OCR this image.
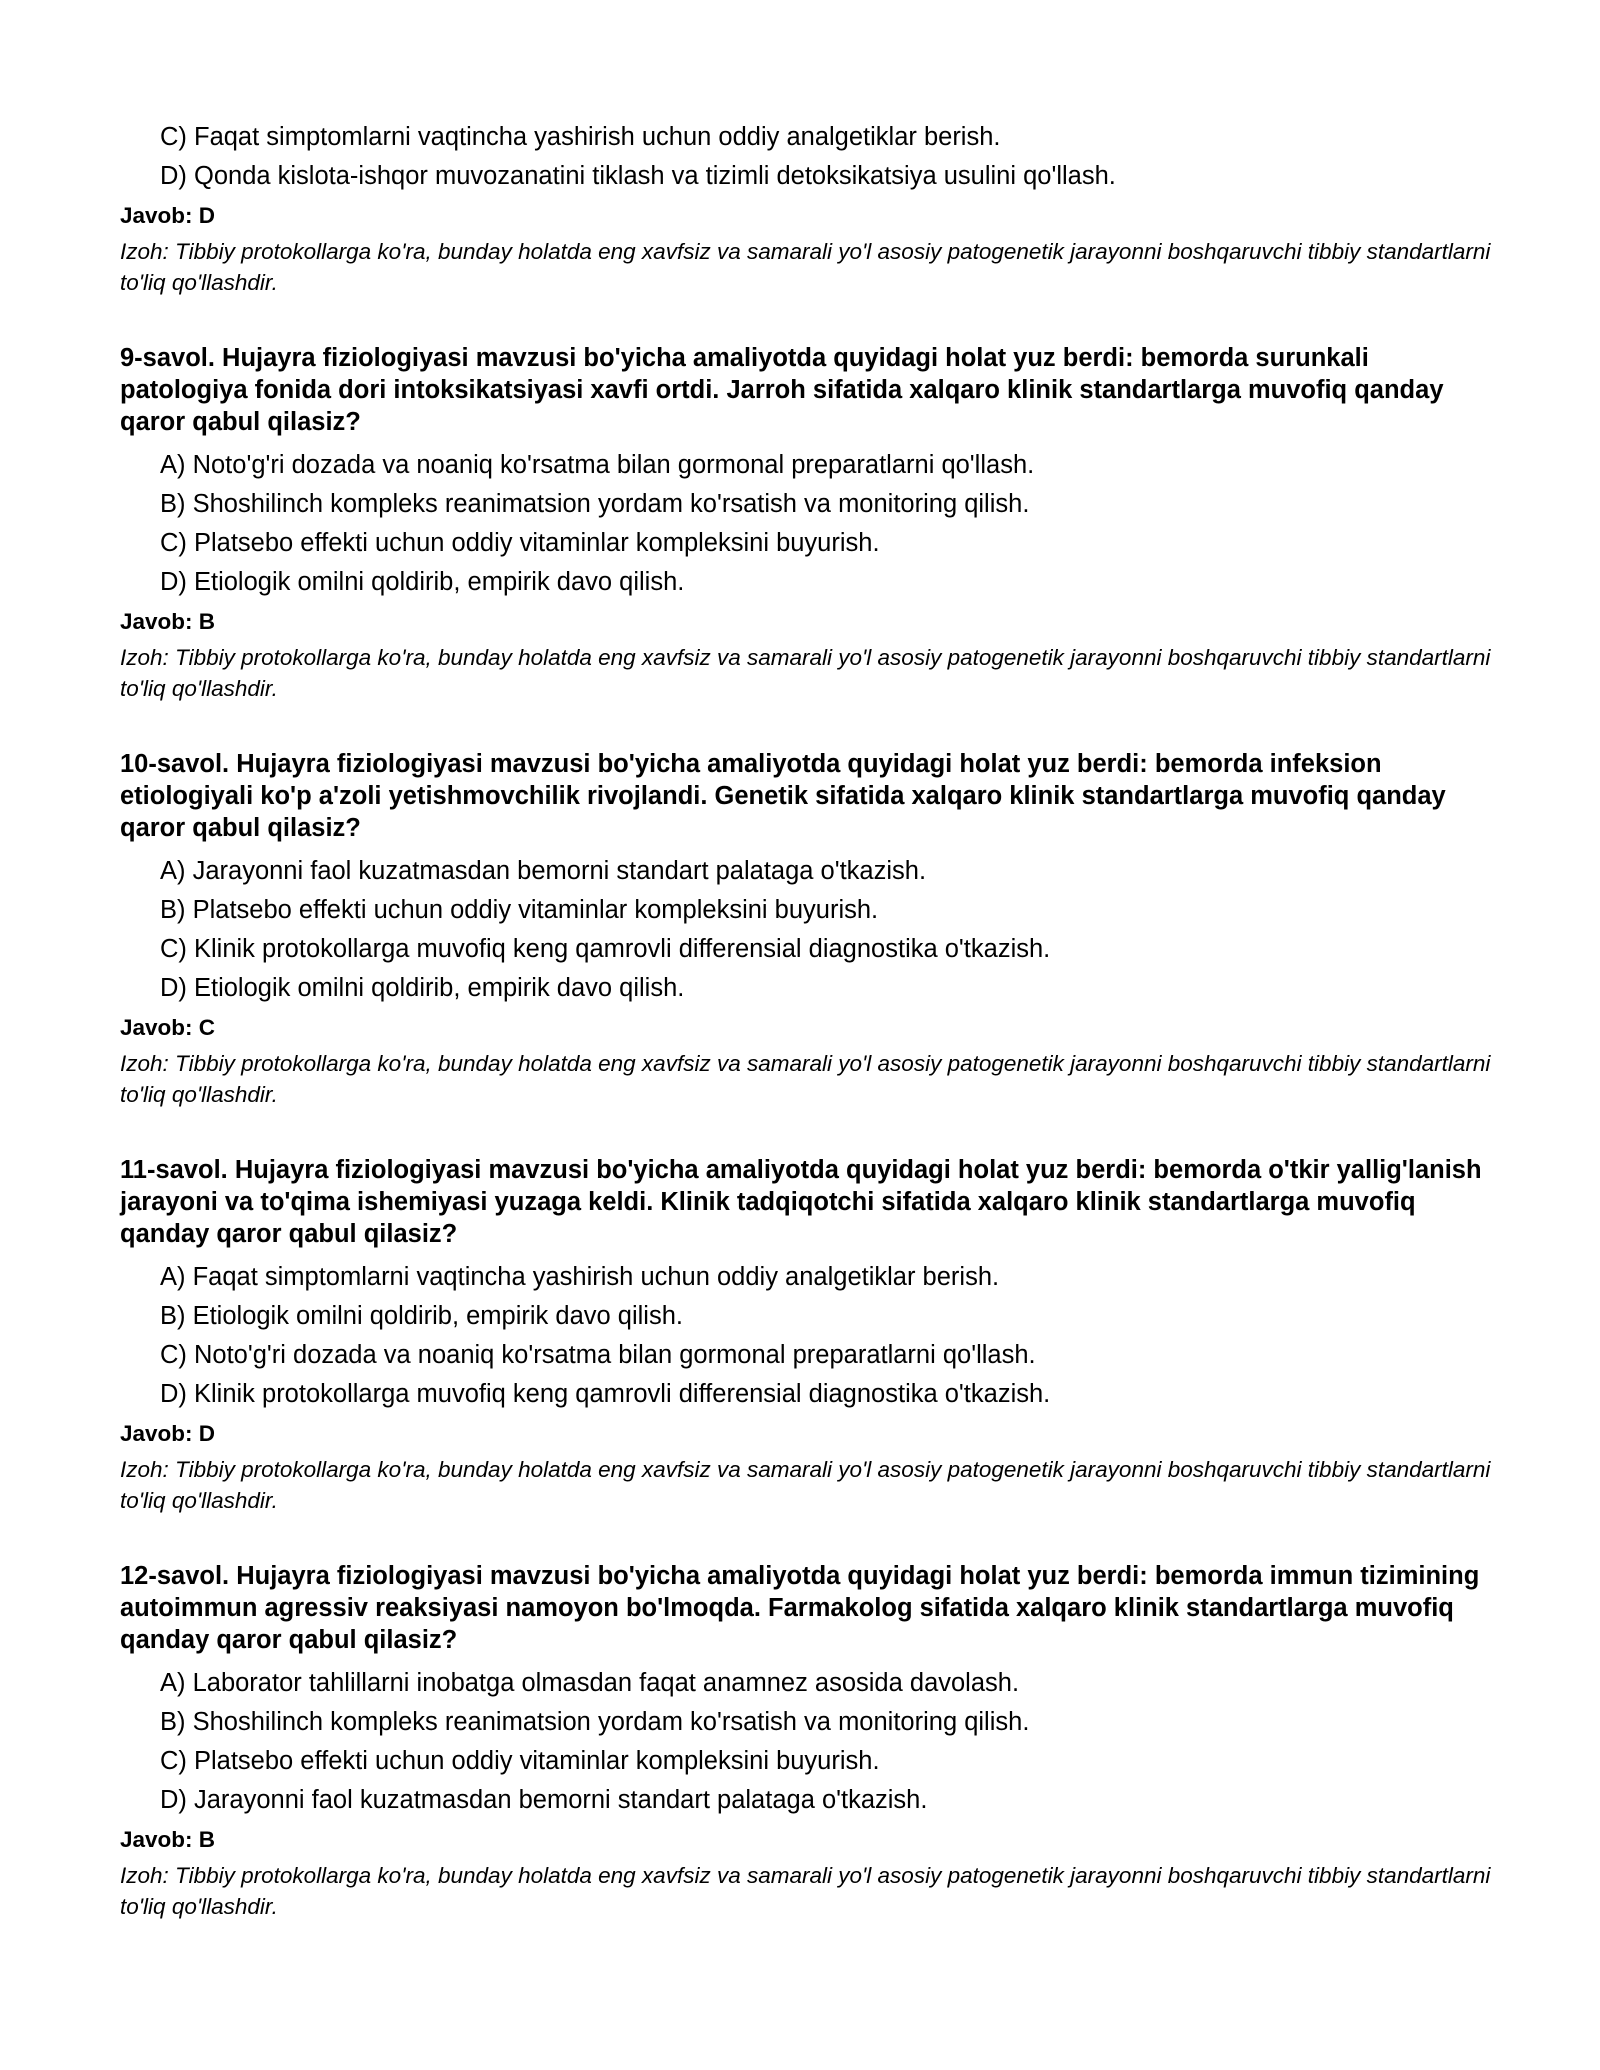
C) Faqat simptomlarni vaqtincha yashirish uchun oddiy analgetiklar berish.
D) Qonda kislota-ishqor muvozanatini tiklash va tizimli detoksikatsiya usulini qo'llash.
Javob: D
Izoh: Tibbiy protokollarga ko'ra, bunday holatda eng xavfsiz va samarali yo'l asosiy patogenetik jarayonni boshqaruvchi tibbiy standartlarni to'liq qo'llashdir.
9-savol. Hujayra fiziologiyasi mavzusi bo'yicha amaliyotda quyidagi holat yuz berdi: bemorda surunkali patologiya fonida dori intoksikatsiyasi xavfi ortdi. Jarroh sifatida xalqaro klinik standartlarga muvofiq qanday qaror qabul qilasiz?
A) Noto'g'ri dozada va noaniq ko'rsatma bilan gormonal preparatlarni qo'llash.
B) Shoshilinch kompleks reanimatsion yordam ko'rsatish va monitoring qilish.
C) Platsebo effekti uchun oddiy vitaminlar kompleksini buyurish.
D) Etiologik omilni qoldirib, empirik davo qilish.
Javob: B
Izoh: Tibbiy protokollarga ko'ra, bunday holatda eng xavfsiz va samarali yo'l asosiy patogenetik jarayonni boshqaruvchi tibbiy standartlarni to'liq qo'llashdir.
10-savol. Hujayra fiziologiyasi mavzusi bo'yicha amaliyotda quyidagi holat yuz berdi: bemorda infeksion etiologiyali ko'p a'zoli yetishmovchilik rivojlandi. Genetik sifatida xalqaro klinik standartlarga muvofiq qanday qaror qabul qilasiz?
A) Jarayonni faol kuzatmasdan bemorni standart palataga o'tkazish.
B) Platsebo effekti uchun oddiy vitaminlar kompleksini buyurish.
C) Klinik protokollarga muvofiq keng qamrovli differensial diagnostika o'tkazish.
D) Etiologik omilni qoldirib, empirik davo qilish.
Javob: C
Izoh: Tibbiy protokollarga ko'ra, bunday holatda eng xavfsiz va samarali yo'l asosiy patogenetik jarayonni boshqaruvchi tibbiy standartlarni to'liq qo'llashdir.
11-savol. Hujayra fiziologiyasi mavzusi bo'yicha amaliyotda quyidagi holat yuz berdi: bemorda o'tkir yallig'lanish jarayoni va to'qima ishemiyasi yuzaga keldi. Klinik tadqiqotchi sifatida xalqaro klinik standartlarga muvofiq qanday qaror qabul qilasiz?
A) Faqat simptomlarni vaqtincha yashirish uchun oddiy analgetiklar berish.
B) Etiologik omilni qoldirib, empirik davo qilish.
C) Noto'g'ri dozada va noaniq ko'rsatma bilan gormonal preparatlarni qo'llash.
D) Klinik protokollarga muvofiq keng qamrovli differensial diagnostika o'tkazish.
Javob: D
Izoh: Tibbiy protokollarga ko'ra, bunday holatda eng xavfsiz va samarali yo'l asosiy patogenetik jarayonni boshqaruvchi tibbiy standartlarni to'liq qo'llashdir.
12-savol. Hujayra fiziologiyasi mavzusi bo'yicha amaliyotda quyidagi holat yuz berdi: bemorda immun tizimining autoimmun agressiv reaksiyasi namoyon bo'lmoqda. Farmakolog sifatida xalqaro klinik standartlarga muvofiq qanday qaror qabul qilasiz?
A) Laborator tahlillarni inobatga olmasdan faqat anamnez asosida davolash.
B) Shoshilinch kompleks reanimatsion yordam ko'rsatish va monitoring qilish.
C) Platsebo effekti uchun oddiy vitaminlar kompleksini buyurish.
D) Jarayonni faol kuzatmasdan bemorni standart palataga o'tkazish.
Javob: B
Izoh: Tibbiy protokollarga ko'ra, bunday holatda eng xavfsiz va samarali yo'l asosiy patogenetik jarayonni boshqaruvchi tibbiy standartlarni to'liq qo'llashdir.
